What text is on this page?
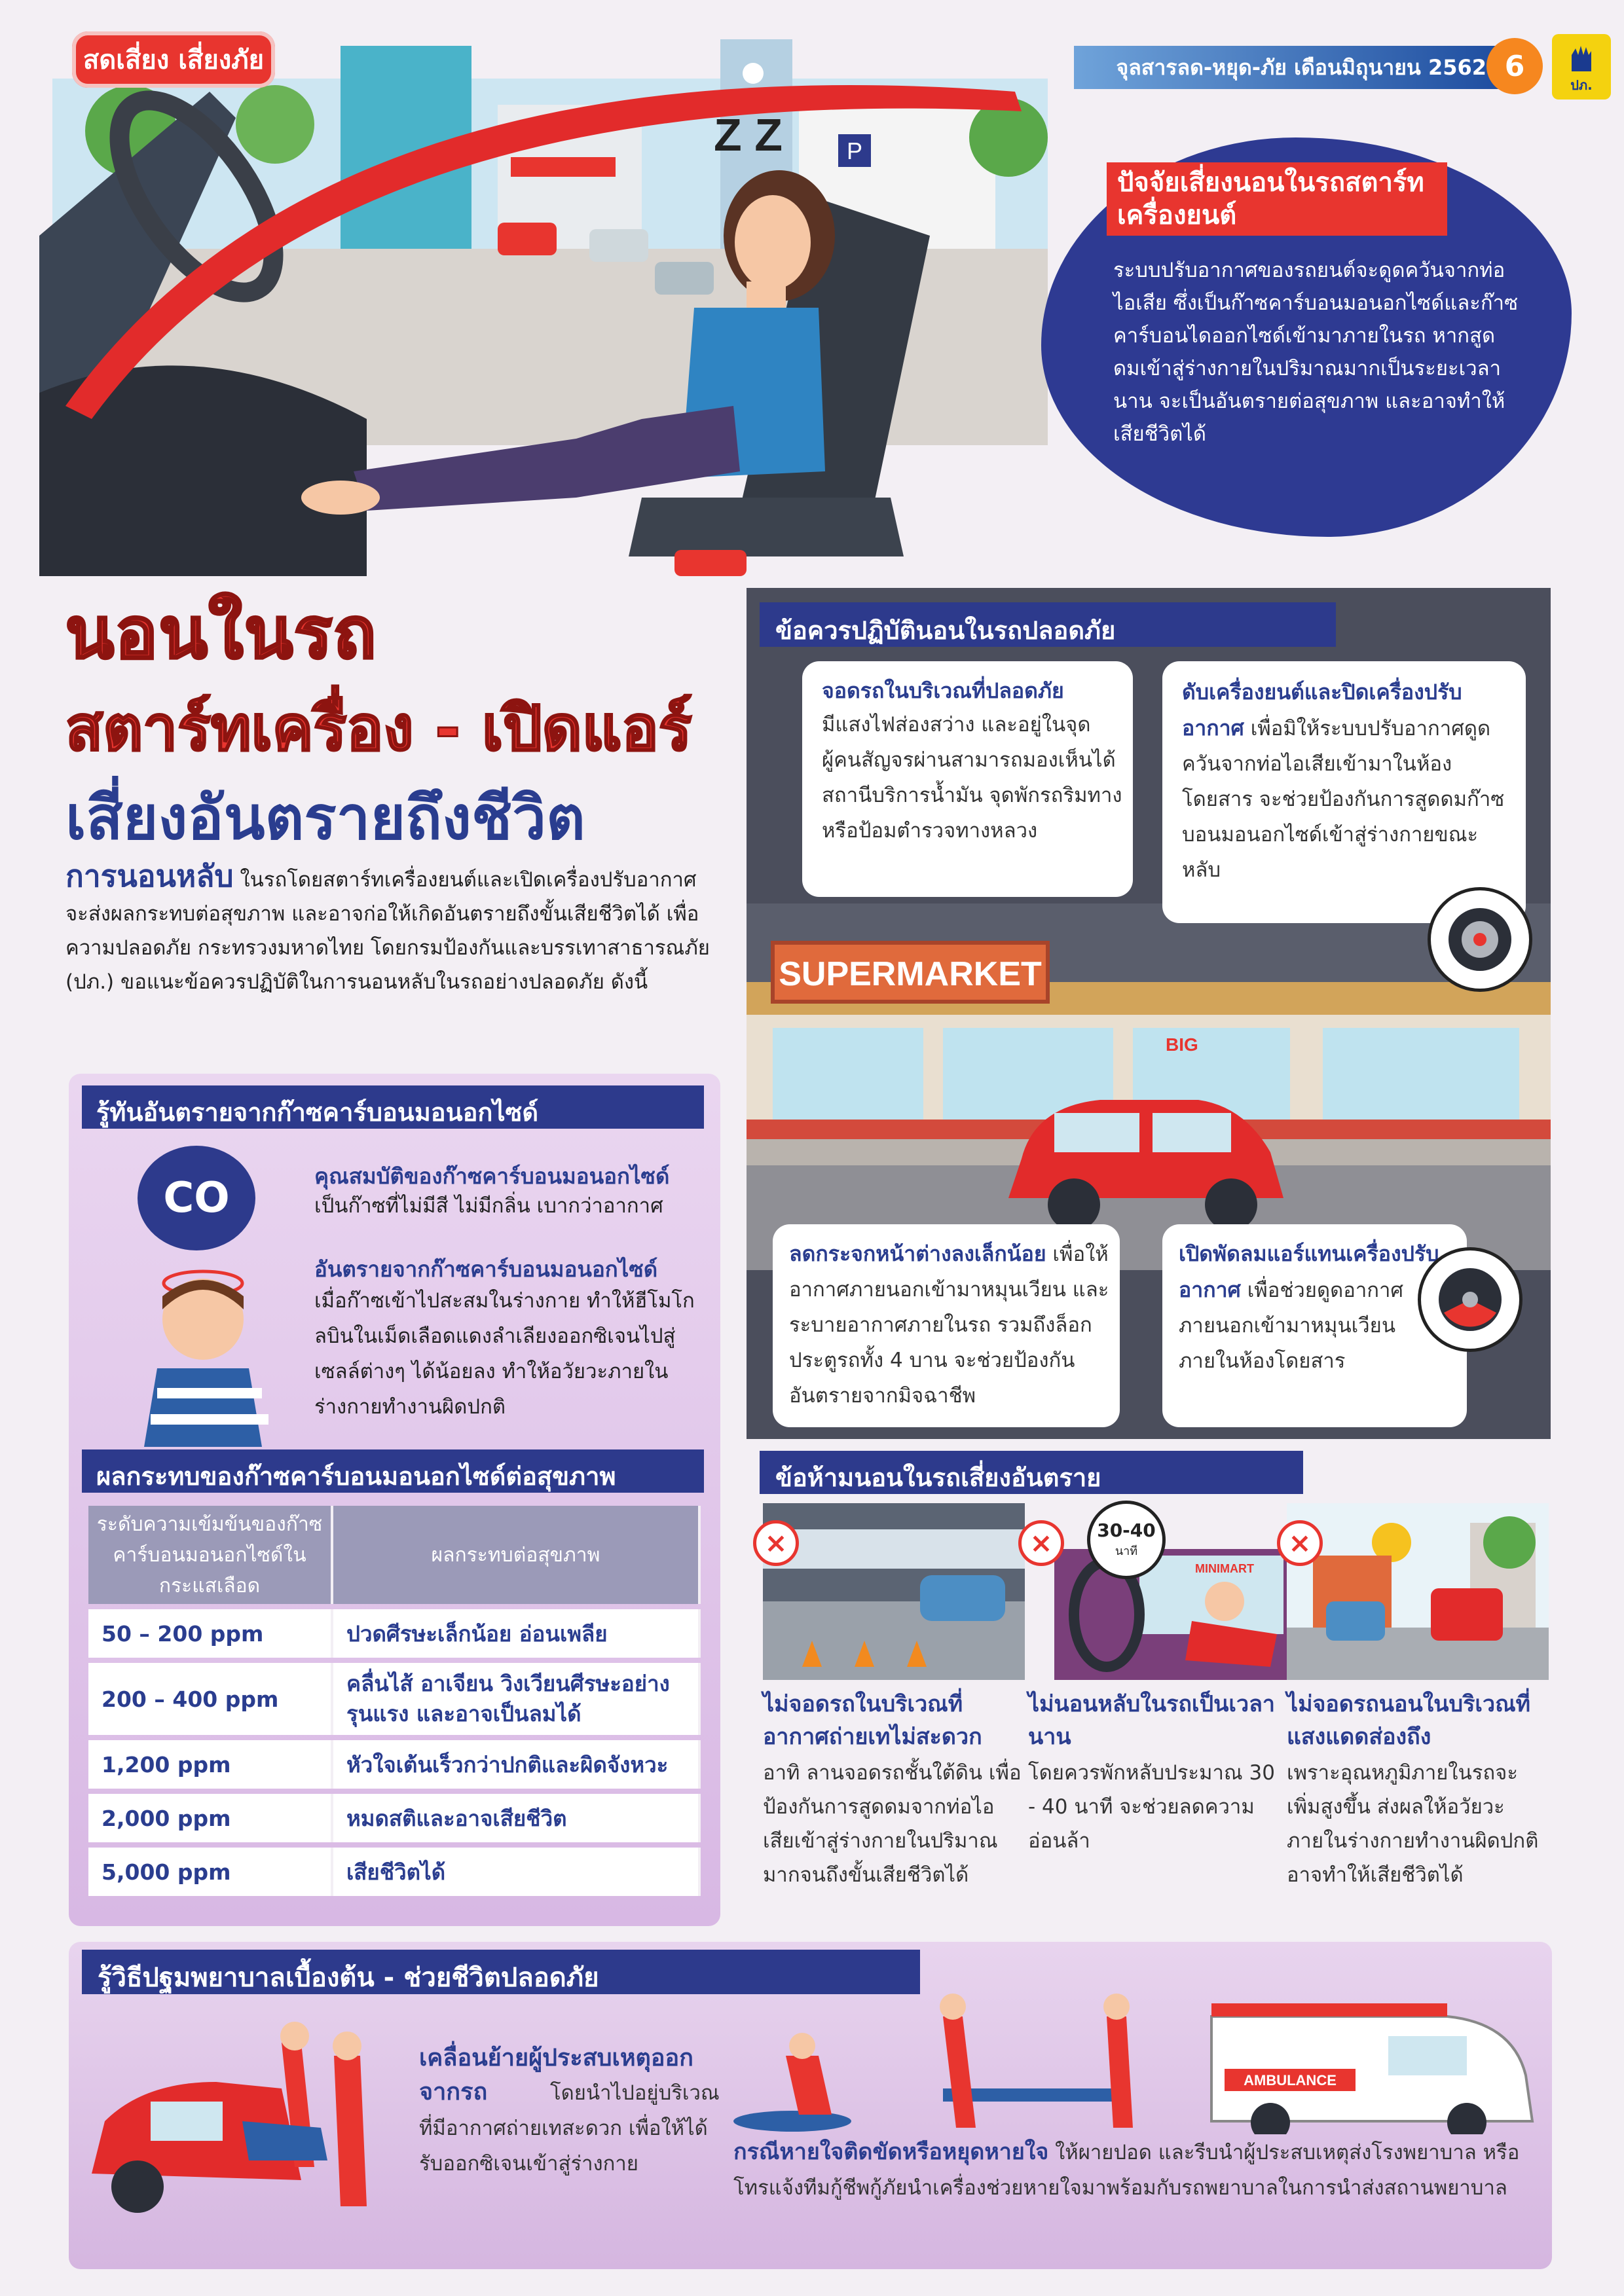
P
Z Z
สดเสี่ยง เสี่ยงภัย	จุลสารลด-หยุด-ภัย เดือนมิถุนายน 2562 6
ปภ.
ปัจจัยเสี่ยงนอนในรถสตาร์ทเครื่องยนต์
ระบบปรับอากาศของรถยนต์จะดูดควันจากท่อไอเสีย ซึ่งเป็นก๊าซคาร์บอนมอนอกไซด์และก๊าซคาร์บอนไดออกไซด์เข้ามาภายในรถ หากสูดดมเข้าสู่ร่างกายในปริมาณมากเป็นระยะเวลานาน จะเป็นอันตรายต่อสุขภาพ และอาจทำให้เสียชีวิตได้
นอนในรถ
สตาร์ทเครื่อง - เปิดแอร์
เสี่ยงอันตรายถึงชีวิต
การนอนหลับ ในรถโดยสตาร์ทเครื่องยนต์และเปิดเครื่องปรับอากาศ จะส่งผลกระทบต่อสุขภาพ และอาจก่อให้เกิดอันตรายถึงขั้นเสียชีวิตได้ เพื่อความปลอดภัย กระทรวงมหาดไทย โดยกรมป้องกันและบรรเทาสาธารณภัย (ปภ.) ขอแนะข้อควรปฏิบัติในการนอนหลับในรถอย่างปลอดภัย ดังนี้
รู้ทันอันตรายจากก๊าซคาร์บอนมอนอกไซด์
CO	คุณสมบัติของก๊าซคาร์บอนมอนอกไซด์
เป็นก๊าซที่ไม่มีสี ไม่มีกลิ่น เบากว่าอากาศ
อันตรายจากก๊าซคาร์บอนมอนอกไซด์
เมื่อก๊าซเข้าไปสะสมในร่างกาย ทำให้ฮีโมโกลบินในเม็ดเลือดแดงลำเลียงออกซิเจนไปสู่เซลล์ต่างๆ ได้น้อยลง ทำให้อวัยวะภายในร่างกายทำงานผิดปกติ
ผลกระทบของก๊าซคาร์บอนมอนอกไซด์ต่อสุขภาพ
ระดับความเข้มข้นของก๊าซคาร์บอนมอนอกไซด์ในกระแสเลือด	ผลกระทบต่อสุขภาพ
50 – 200 ppm	ปวดศีรษะเล็กน้อย อ่อนเพลีย
200 – 400 ppm	คลื่นไส้ อาเจียน วิงเวียนศีรษะอย่างรุนแรง และอาจเป็นลมได้
1,200 ppm	หัวใจเต้นเร็วกว่าปกติและผิดจังหวะ
2,000 ppm	หมดสติและอาจเสียชีวิต
5,000 ppm	เสียชีวิตได้
ข้อควรปฏิบัตินอนในรถปลอดภัย
SUPERMARKET
BIG
จอดรถในบริเวณที่ปลอดภัย
มีแสงไฟส่องสว่าง และอยู่ในจุดผู้คนสัญจรผ่านสามารถมองเห็นได้ สถานีบริการน้ำมัน จุดพักรถริมทาง หรือป้อมตำรวจทางหลวง
ดับเครื่องยนต์และปิดเครื่องปรับอากาศ เพื่อมิให้ระบบปรับอากาศดูดควันจากท่อไอเสียเข้ามาในห้องโดยสาร จะช่วยป้องกันการสูดดมก๊าซบอนมอนอกไซด์เข้าสู่ร่างกายขณะหลับ
ลดกระจกหน้าต่างลงเล็กน้อย เพื่อให้อากาศภายนอกเข้ามาหมุนเวียน และระบายอากาศภายในรถ รวมถึงล็อกประตูรถทั้ง 4 บาน จะช่วยป้องกันอันตรายจากมิจฉาชีพ
เปิดพัดลมแอร์แทนเครื่องปรับอากาศ เพื่อช่วยดูดอากาศภายนอกเข้ามาหมุนเวียนภายในห้องโดยสาร
ข้อห้ามนอนในรถเสี่ยงอันตราย
×
MINIMART
×	30-40
นาที	×
ไม่จอดรถในบริเวณที่อากาศถ่ายเทไม่สะดวก
อาทิ ลานจอดรถชั้นใต้ดิน เพื่อป้องกันการสูดดมจากท่อไอเสียเข้าสู่ร่างกายในปริมาณมากจนถึงขั้นเสียชีวิตได้
ไม่นอนหลับในรถเป็นเวลานาน
โดยควรพักหลับประมาณ 30 - 40 นาที จะช่วยลดความอ่อนล้า
ไม่จอดรถนอนในบริเวณที่แสงแดดส่องถึง
เพราะอุณหภูมิภายในรถจะเพิ่มสูงขึ้น ส่งผลให้อวัยวะภายในร่างกายทำงานผิดปกติ อาจทำให้เสียชีวิตได้
รู้วิธีปฐมพยาบาลเบื้องต้น - ช่วยชีวิตปลอดภัย
เคลื่อนย้ายผู้ประสบเหตุออกจากรถ	โดยนำไปอยู่บริเวณที่มีอากาศถ่ายเทสะดวก เพื่อให้ได้รับออกซิเจนเข้าสู่ร่างกาย
AMBULANCE
กรณีหายใจติดขัดหรือหยุดหายใจ ให้ผายปอด และรีบนำผู้ประสบเหตุส่งโรงพยาบาล หรือโทรแจ้งทีมกู้ชีพกู้ภัยนำเครื่องช่วยหายใจมาพร้อมกับรถพยาบาลในการนำส่งสถานพยาบาล
